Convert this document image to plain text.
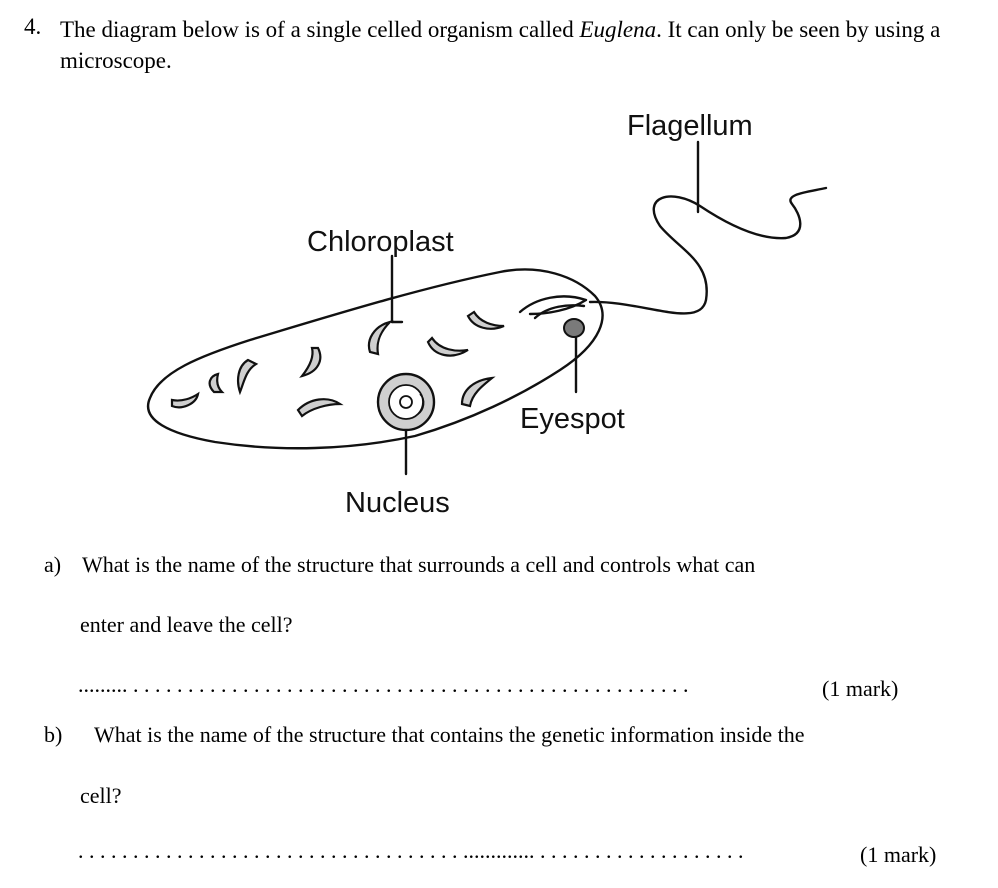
4. The diagram below is of a single celled organism called Euglena. It can only be seen by using a microscope.
Flagellum
Chloroplast
Eyespot
Nucleus
a) What is the name of the structure that surrounds a cell and controls what can
enter and leave the cell?
......... . . . . . . . . . . . . . . . . . . . . . . . . . . . . . . . . . . . . . . . . . . . . . . . . . . .	(1 mark)
b) What is the name of the structure that contains the genetic information inside the
cell?
. . . . . . . . . . . . . . . . . . . . . . . . . . . . . . . . . . . ............. . . . . . . . . . . . . . . . . . . .	(1 mark)
